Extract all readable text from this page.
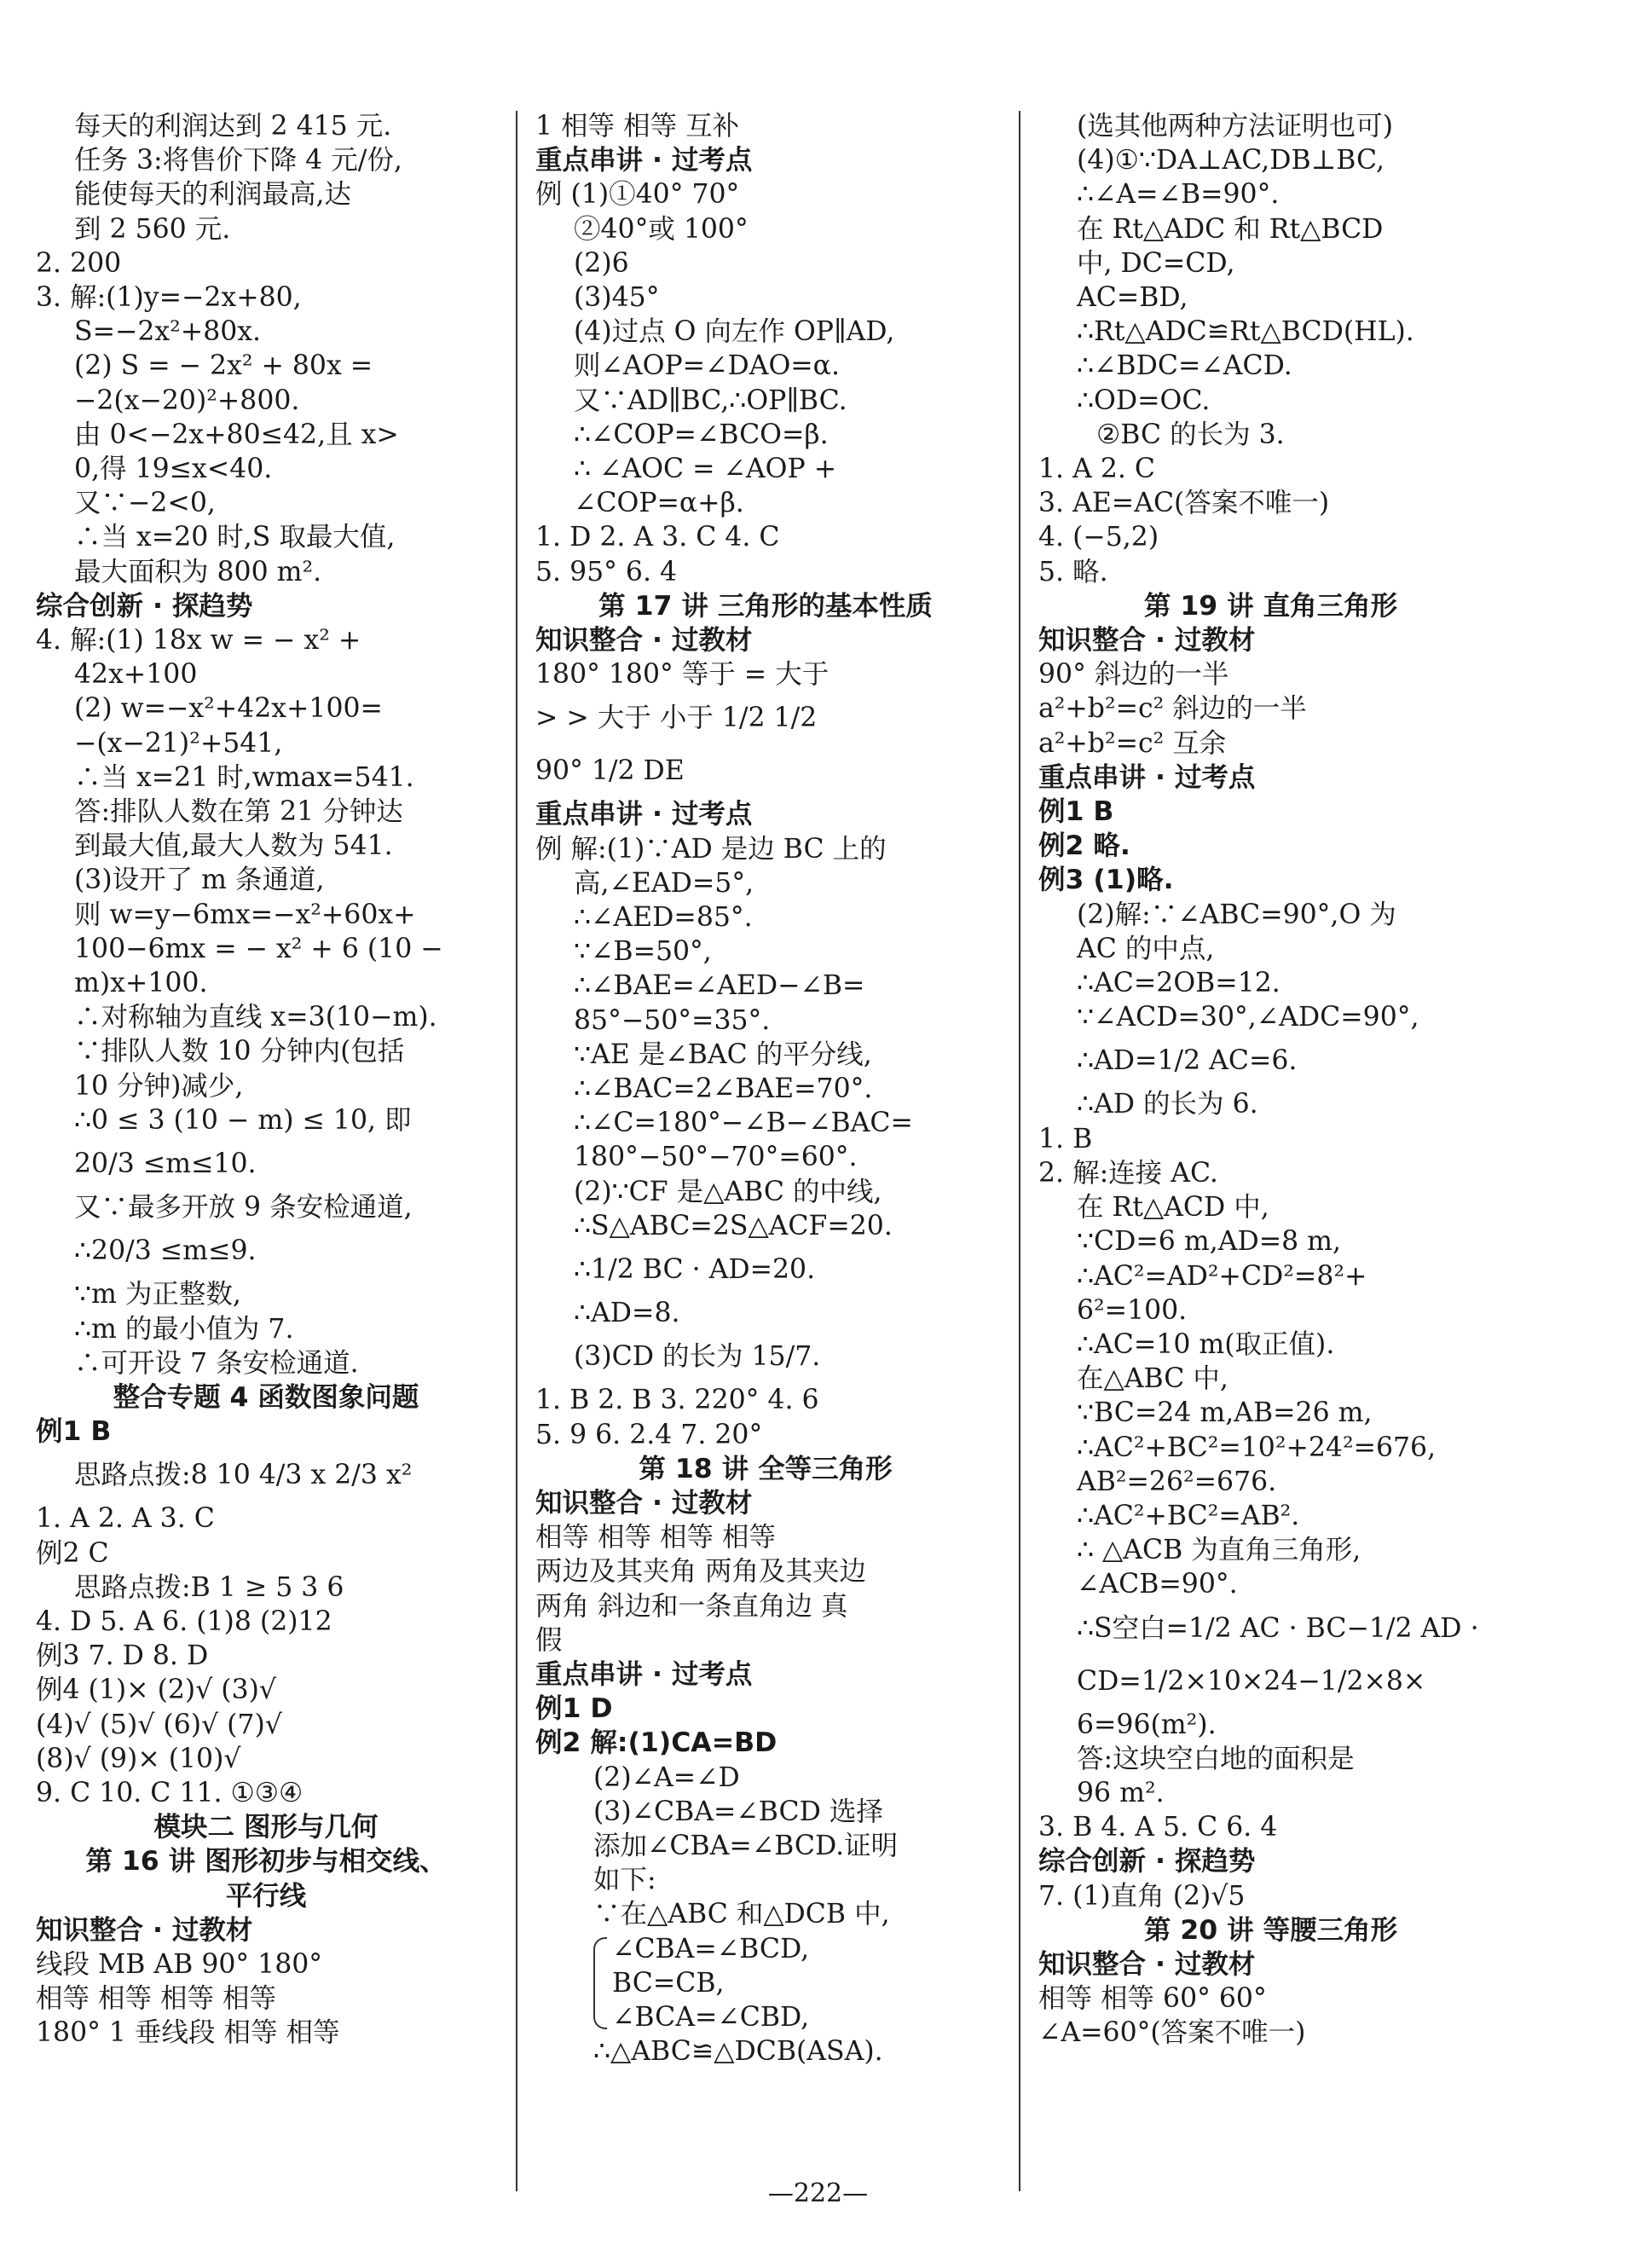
每天的利润达到 2 415 元.
任务 3:将售价下降 4 元/份,
能使每天的利润最高,达
到 2 560 元.
2. 200
3. 解:(1)y=−2x+80,
S=−2x²+80x.
(2) S = − 2x² + 80x =
−2(x−20)²+800.
由 0<−2x+80≤42,且 x>
0,得 19≤x<40.
又∵−2<0,
∴当 x=20 时,S 取最大值,
最大面积为 800 m².
综合创新 · 探趋势
4. 解:(1) 18x w = − x² +
42x+100
(2) w=−x²+42x+100=
−(x−21)²+541,
∴当 x=21 时,wmax=541.
答:排队人数在第 21 分钟达
到最大值,最大人数为 541.
(3)设开了 m 条通道,
则 w=y−6mx=−x²+60x+
100−6mx = − x² + 6 (10 −
m)x+100.
∴对称轴为直线 x=3(10−m).
∵排队人数 10 分钟内(包括
10 分钟)减少,
∴0 ≤ 3 (10 − m) ≤ 10, 即
20/3 ≤m≤10.
又∵最多开放 9 条安检通道,
∴20/3 ≤m≤9.
∵m 为正整数,
∴m 的最小值为 7.
∴可开设 7 条安检通道.
整合专题 4 函数图象问题
例1 B
思路点拨:8 10 4/3 x 2/3 x²
1. A 2. A 3. C
例2 C
思路点拨:B 1 ≥ 5 3 6
4. D 5. A 6. (1)8 (2)12
例3 7. D 8. D
例4 (1)× (2)√ (3)√
(4)√ (5)√ (6)√ (7)√
(8)√ (9)× (10)√
9. C 10. C 11. ①③④
模块二 图形与几何
第 16 讲 图形初步与相交线、
平行线
知识整合 · 过教材
线段 MB AB 90° 180°
相等 相等 相等 相等
180° 1 垂线段 相等 相等
1 相等 相等 互补
重点串讲 · 过考点
例 (1)①40° 70°
②40°或 100°
(2)6
(3)45°
(4)过点 O 向左作 OP∥AD,
则∠AOP=∠DAO=α.
又∵AD∥BC,∴OP∥BC.
∴∠COP=∠BCO=β.
∴ ∠AOC = ∠AOP +
∠COP=α+β.
1. D 2. A 3. C 4. C
5. 95° 6. 4
第 17 讲 三角形的基本性质
知识整合 · 过教材
180° 180° 等于 = 大于
> > 大于 小于 1/2 1/2
90° 1/2 DE
重点串讲 · 过考点
例 解:(1)∵AD 是边 BC 上的
高,∠EAD=5°,
∴∠AED=85°.
∵∠B=50°,
∴∠BAE=∠AED−∠B=
85°−50°=35°.
∵AE 是∠BAC 的平分线,
∴∠BAC=2∠BAE=70°.
∴∠C=180°−∠B−∠BAC=
180°−50°−70°=60°.
(2)∵CF 是△ABC 的中线,
∴S△ABC=2S△ACF=20.
∴1/2 BC · AD=20.
∴AD=8.
(3)CD 的长为 15/7.
1. B 2. B 3. 220° 4. 6
5. 9 6. 2.4 7. 20°
第 18 讲 全等三角形
知识整合 · 过教材
相等 相等 相等 相等
两边及其夹角 两角及其夹边
两角 斜边和一条直角边 真
假
重点串讲 · 过考点
例1 D
例2 解:(1)CA=BD
(2)∠A=∠D
(3)∠CBA=∠BCD 选择
添加∠CBA=∠BCD.证明
如下:
∵在△ABC 和△DCB 中,
∠CBA=∠BCD,
BC=CB,
∠BCA=∠CBD,
∴△ABC≌△DCB(ASA).
(选其他两种方法证明也可)
(4)①∵DA⊥AC,DB⊥BC,
∴∠A=∠B=90°.
在 Rt△ADC 和 Rt△BCD
中, DC=CD,
AC=BD,
∴Rt△ADC≌Rt△BCD(HL).
∴∠BDC=∠ACD.
∴OD=OC.
②BC 的长为 3.
1. A 2. C
3. AE=AC(答案不唯一)
4. (−5,2)
5. 略.
第 19 讲 直角三角形
知识整合 · 过教材
90° 斜边的一半
a²+b²=c² 斜边的一半
a²+b²=c² 互余
重点串讲 · 过考点
例1 B
例2 略.
例3 (1)略.
(2)解:∵∠ABC=90°,O 为
AC 的中点,
∴AC=2OB=12.
∵∠ACD=30°,∠ADC=90°,
∴AD=1/2 AC=6.
∴AD 的长为 6.
1. B
2. 解:连接 AC.
在 Rt△ACD 中,
∵CD=6 m,AD=8 m,
∴AC²=AD²+CD²=8²+
6²=100.
∴AC=10 m(取正值).
在△ABC 中,
∵BC=24 m,AB=26 m,
∴AC²+BC²=10²+24²=676,
AB²=26²=676.
∴AC²+BC²=AB².
∴ △ACB 为直角三角形,
∠ACB=90°.
∴S空白=1/2 AC · BC−1/2 AD ·
CD=1/2×10×24−1/2×8×
6=96(m²).
答:这块空白地的面积是
96 m².
3. B 4. A 5. C 6. 4
综合创新 · 探趋势
7. (1)直角 (2)√5
第 20 讲 等腰三角形
知识整合 · 过教材
相等 相等 60° 60°
∠A=60°(答案不唯一)
—222—
